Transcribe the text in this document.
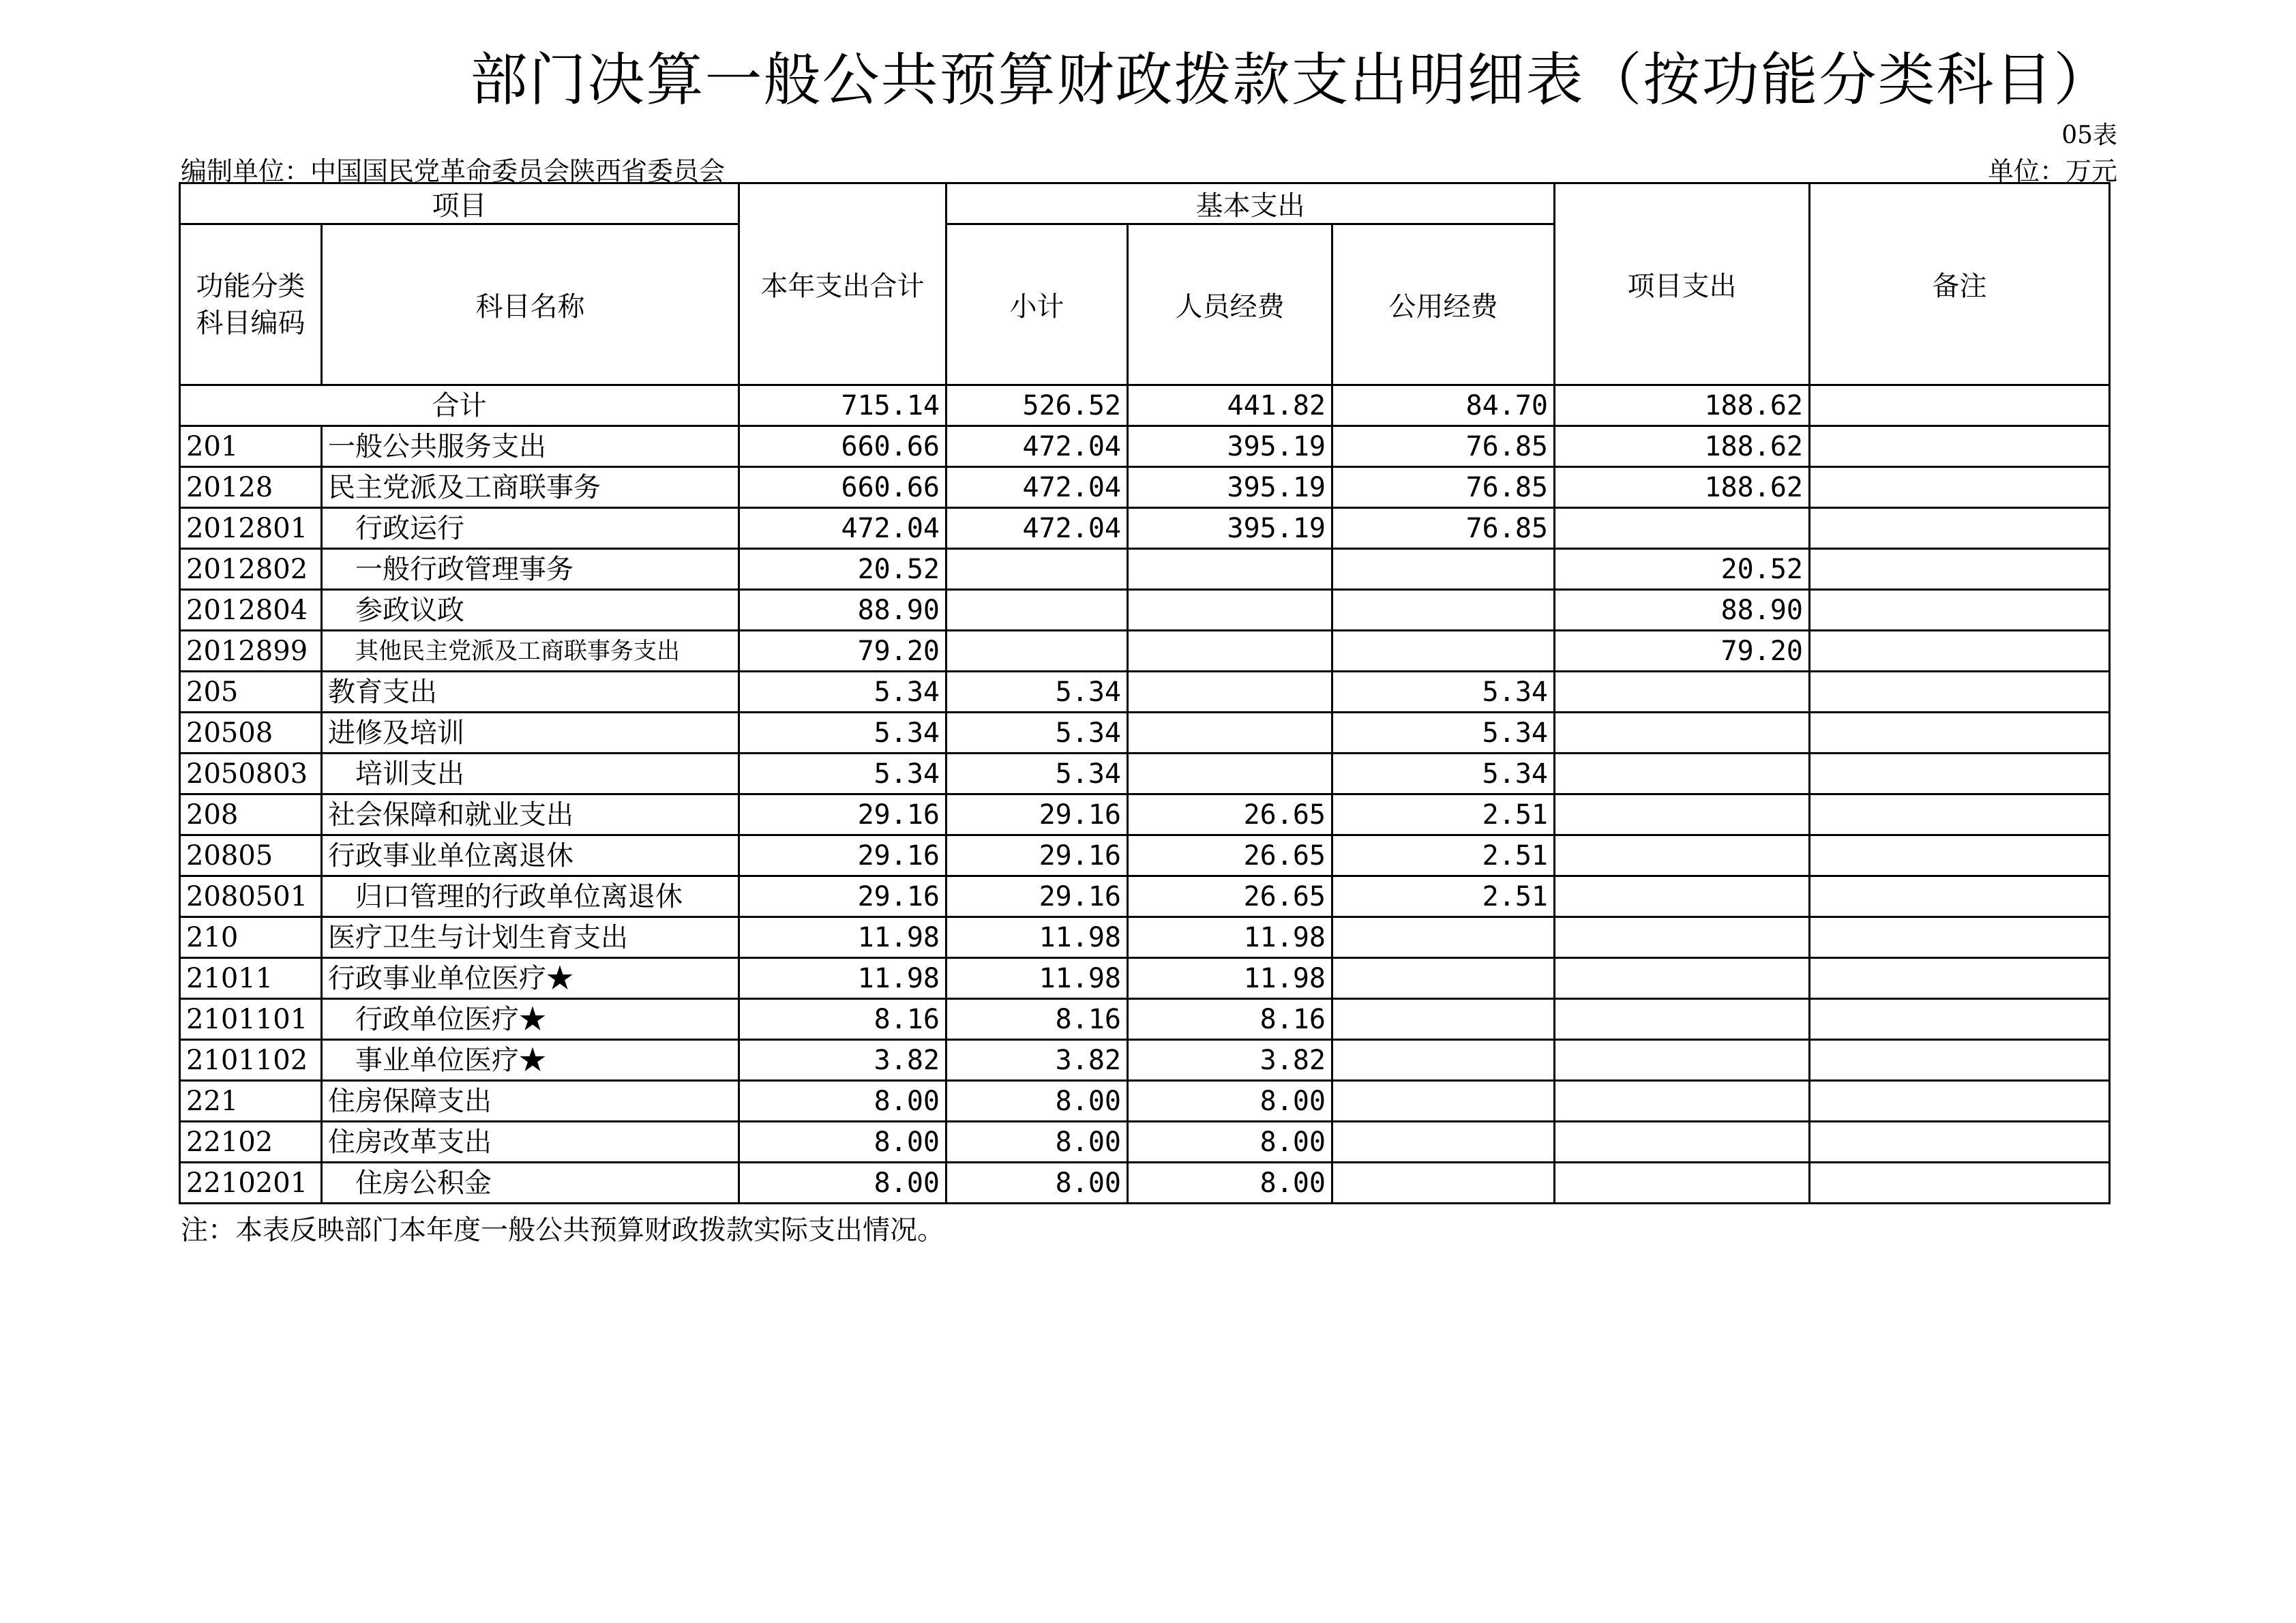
部门决算一般公共预算财政拨款支出明细表（按功能分类科目）
05表
编制单位：中国国民党革命委员会陕西省委员会	单位：万元
项目		本年支出合计	基本支出			项目支出	备注

功能分类
科目编码	科目名称		小计	人员经费	公用经费		
合计		715.14	526.52	441.82	84.70	188.62	
201	一般公共服务支出	660.66	472.04	395.19	76.85	188.62	
20128	民主党派及工商联事务	660.66	472.04	395.19	76.85	188.62	
2012801	行政运行	472.04	472.04	395.19	76.85		
2012802	一般行政管理事务	20.52				20.52	
2012804	参政议政	88.90				88.90	
2012899	其他民主党派及工商联事务支出	79.20				79.20	
205	教育支出	5.34	5.34		5.34		
20508	进修及培训	5.34	5.34		5.34		
2050803	培训支出	5.34	5.34		5.34		
208	社会保障和就业支出	29.16	29.16	26.65	2.51		
20805	行政事业单位离退休	29.16	29.16	26.65	2.51		
2080501	归口管理的行政单位离退休	29.16	29.16	26.65	2.51		
210	医疗卫生与计划生育支出	11.98	11.98	11.98			
21011	行政事业单位医疗★	11.98	11.98	11.98			
2101101	行政单位医疗★	8.16	8.16	8.16			
2101102	事业单位医疗★	3.82	3.82	3.82			
221	住房保障支出	8.00	8.00	8.00			
22102	住房改革支出	8.00	8.00	8.00			
2210201	住房公积金	8.00	8.00	8.00			
注：本表反映部门本年度一般公共预算财政拨款实际支出情况。
